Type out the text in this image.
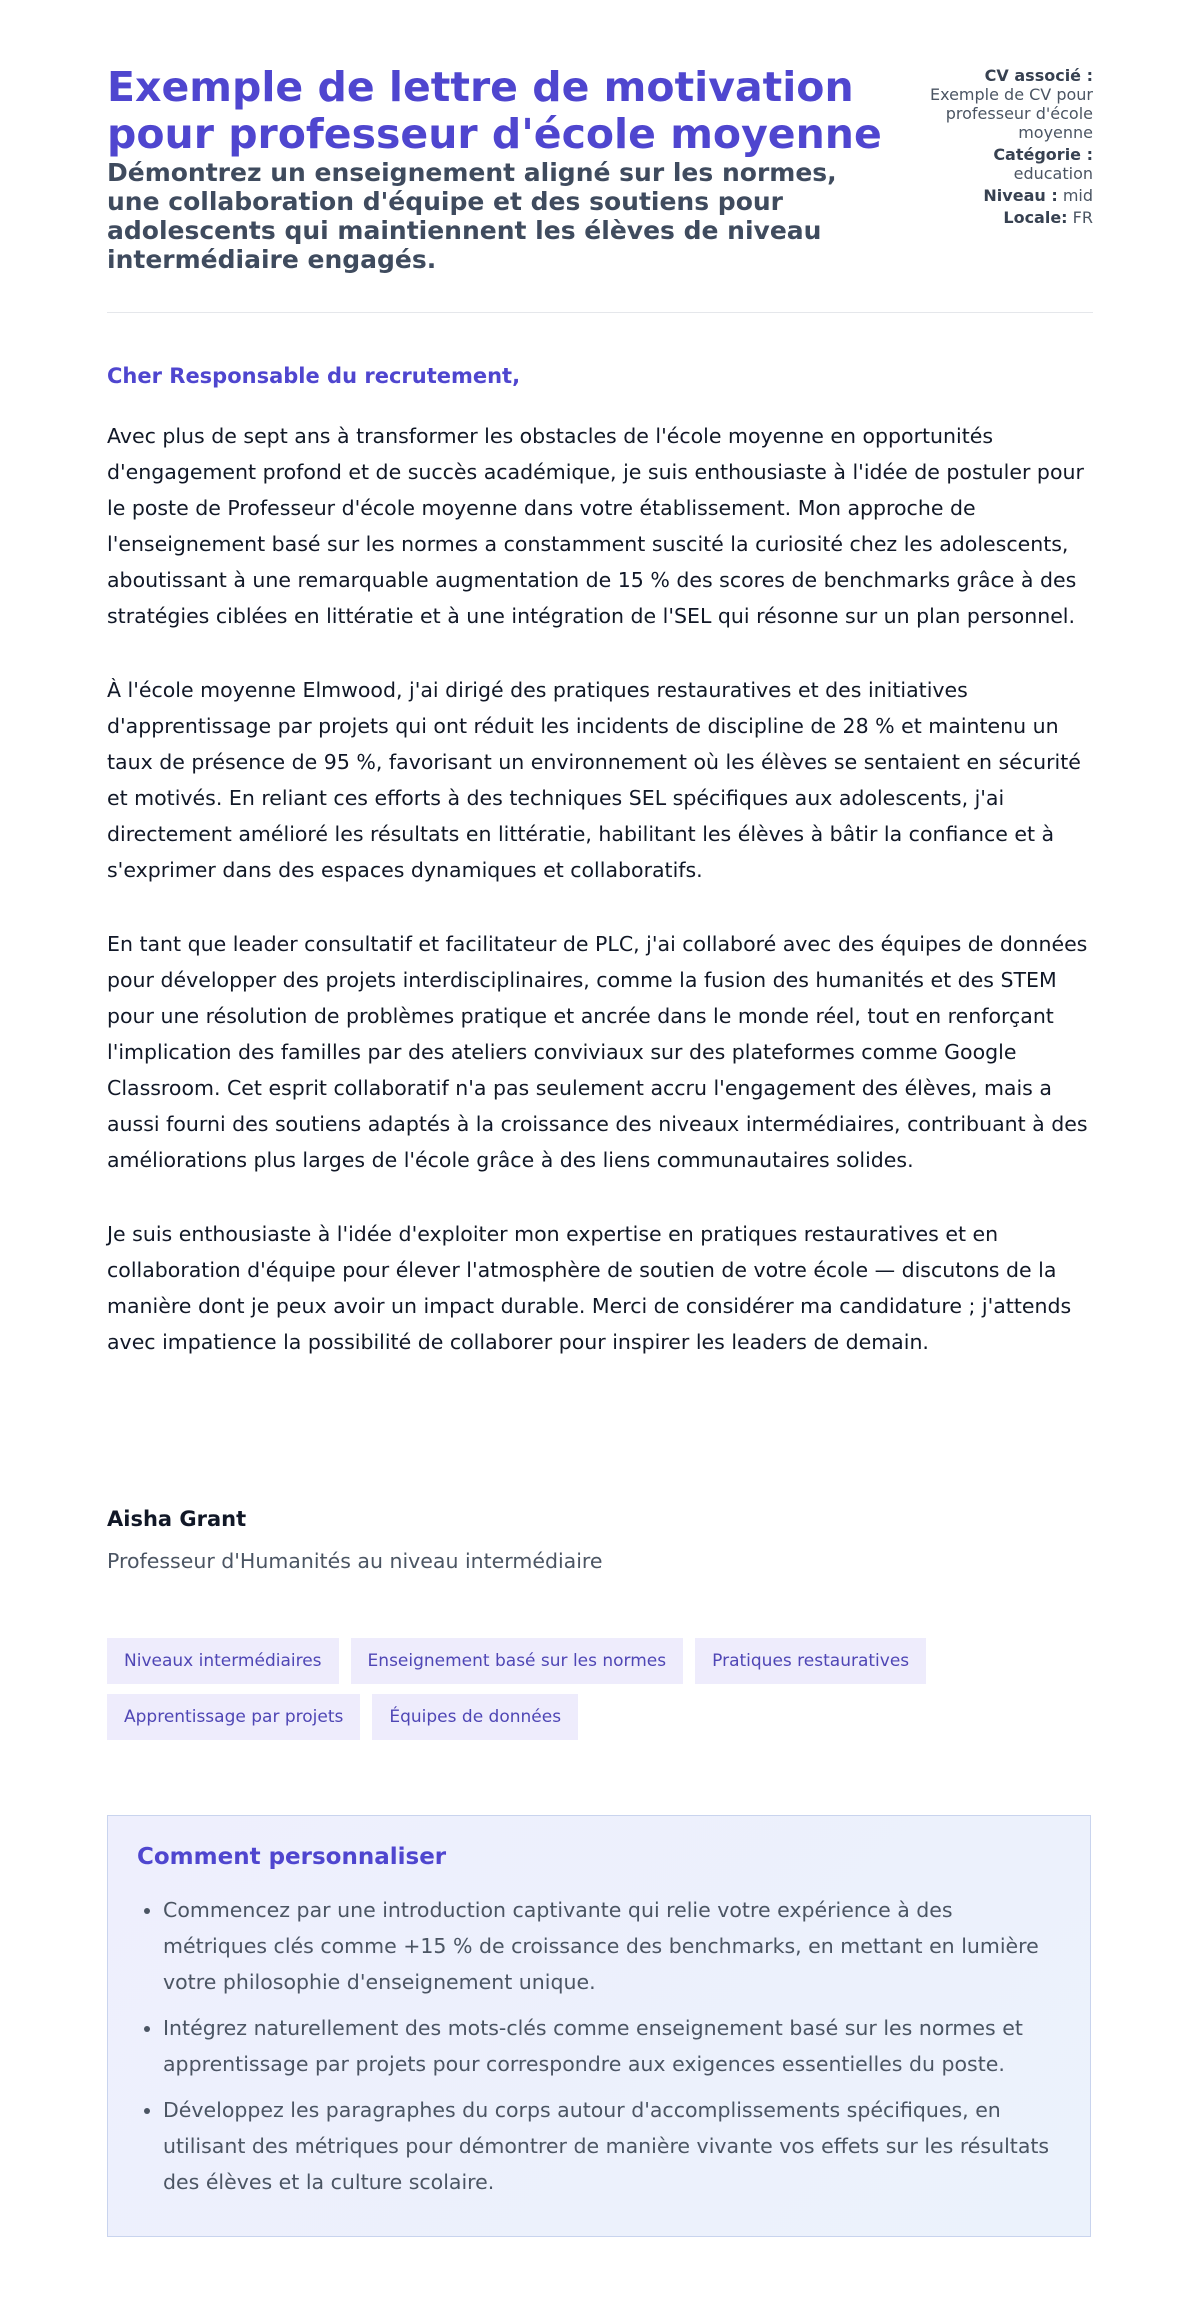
Exemple de lettre de motivation pour professeur d'école moyenne

Démontrez un enseignement aligné sur les normes, une collaboration d'équipe et des soutiens pour adolescents qui maintiennent les élèves de niveau intermédiaire engagés.

CV associé :
Exemple de CV pour professeur d'école moyenne
Catégorie :
education
Niveau : mid
Locale: FR
Cher Responsable du recrutement,

Avec plus de sept ans à transformer les obstacles de l'école moyenne en opportunités d'engagement profond et de succès académique, je suis enthousiaste à l'idée de postuler pour le poste de Professeur d'école moyenne dans votre établissement. Mon approche de l'enseignement basé sur les normes a constamment suscité la curiosité chez les adolescents, aboutissant à une remarquable augmentation de 15 % des scores de benchmarks grâce à des stratégies ciblées en littératie et à une intégration de l'SEL qui résonne sur un plan personnel.

À l'école moyenne Elmwood, j'ai dirigé des pratiques restauratives et des initiatives d'apprentissage par projets qui ont réduit les incidents de discipline de 28 % et maintenu un taux de présence de 95 %, favorisant un environnement où les élèves se sentaient en sécurité et motivés. En reliant ces efforts à des techniques SEL spécifiques aux adolescents, j'ai directement amélioré les résultats en littératie, habilitant les élèves à bâtir la confiance et à s'exprimer dans des espaces dynamiques et collaboratifs.

En tant que leader consultatif et facilitateur de PLC, j'ai collaboré avec des équipes de données pour développer des projets interdisciplinaires, comme la fusion des humanités et des STEM pour une résolution de problèmes pratique et ancrée dans le monde réel, tout en renforçant l'implication des familles par des ateliers conviviaux sur des plateformes comme Google Classroom. Cet esprit collaboratif n'a pas seulement accru l'engagement des élèves, mais a aussi fourni des soutiens adaptés à la croissance des niveaux intermédiaires, contribuant à des améliorations plus larges de l'école grâce à des liens communautaires solides.

Je suis enthousiaste à l'idée d'exploiter mon expertise en pratiques restauratives et en collaboration d'équipe pour élever l'atmosphère de soutien de votre école — discutons de la manière dont je peux avoir un impact durable. Merci de considérer ma candidature ; j'attends avec impatience la possibilité de collaborer pour inspirer les leaders de demain.

Aisha Grant
Professeur d'Humanités au niveau intermédiaire
Niveaux intermédiaires	Enseignement basé sur les normes	Pratiques restauratives
Apprentissage par projets	Équipes de données
Comment personnaliser
• Commencez par une introduction captivante qui relie votre expérience à des métriques clés comme +15 % de croissance des benchmarks, en mettant en lumière votre philosophie d'enseignement unique.
• Intégrez naturellement des mots-clés comme enseignement basé sur les normes et apprentissage par projets pour correspondre aux exigences essentielles du poste.
• Développez les paragraphes du corps autour d'accomplissements spécifiques, en utilisant des métriques pour démontrer de manière vivante vos effets sur les résultats des élèves et la culture scolaire.
